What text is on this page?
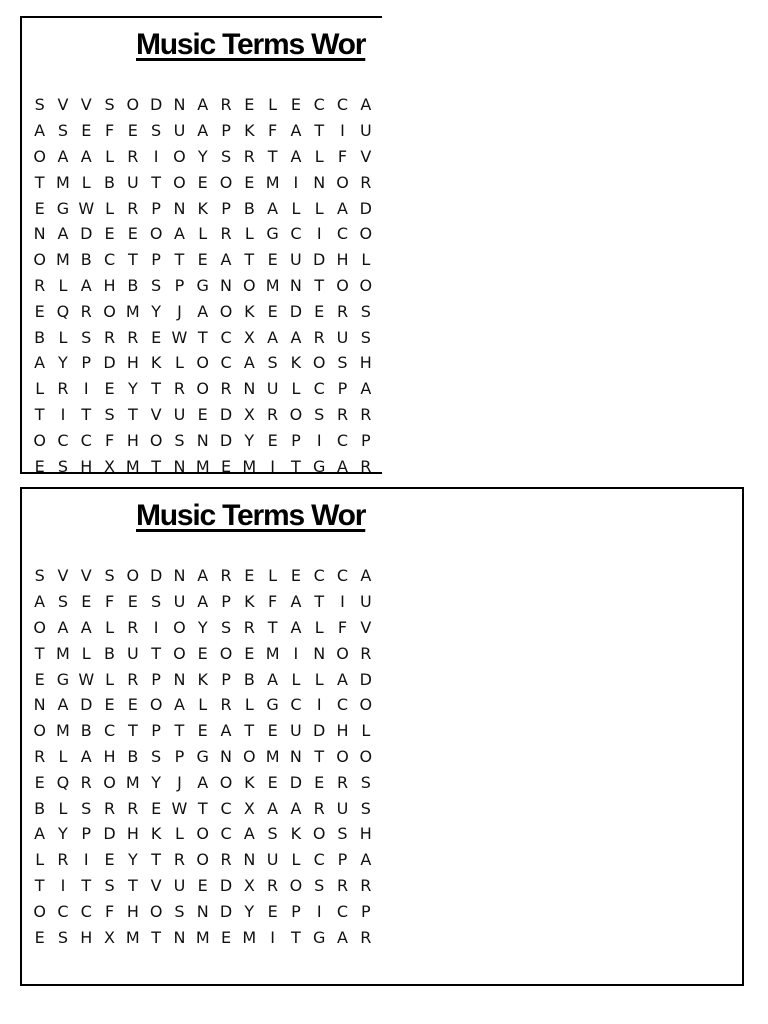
Music Terms Wor
S V V S O D N A R E L E C C A
A S E F E S U A P K F A T	I U
O A A L R I O Y S R T A L F V
T M L B U T O E O E M I N O R
E G W L R P N K P B A L L A D
N A D E E O A L R L G C I C O
O M B C T P T E A T E U D H L
R L A H B S P G N O M N T O O
E Q R O M Y	J A O K E D E R S
B L S R R E W T C X A A R U S
A Y P D H K L O C A S K O S H
L R I E Y T R O R N U L C P A
T	I	T S T V U E D X R O S R R
O C C F H O S N D Y E P	I C P
E S H X M T N M E M I	T G A R
Music Terms Wor
S V V S O D N A R E L E C C A
A S E F E S U A P K F A T	I U
O A A L R I O Y S R T A L F V
T M L B U T O E O E M I N O R
E G W L R P N K P B A L L A D
N A D E E O A L R L G C I C O
O M B C T P T E A T E U D H L
R L A H B S P G N O M N T O O
E Q R O M Y	J A O K E D E R S
B L S R R E W T C X A A R U S
A Y P D H K L O C A S K O S H
L R I E Y T R O R N U L C P A
T	I	T S T V U E D X R O S R R
O C C F H O S N D Y E P	I C P
E S H X M T N M E M I	T G A R
